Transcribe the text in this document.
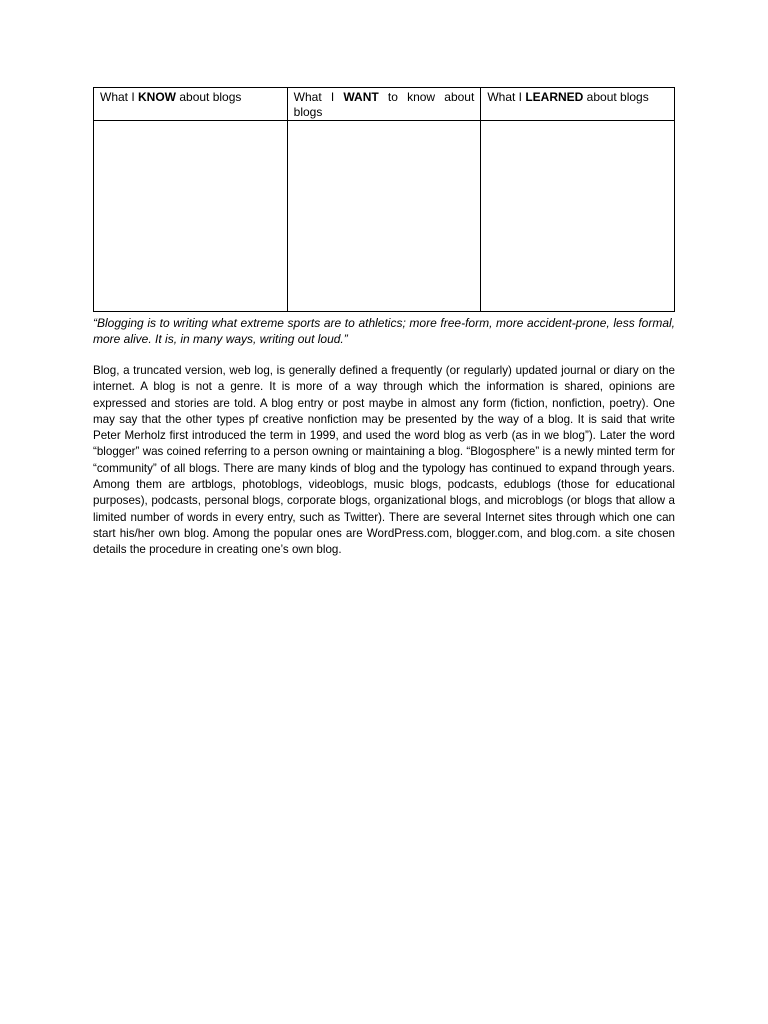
What I KNOW about blogs	What I WANT to know about blogs	What I LEARNED about blogs

“Blogging is to writing what extreme sports are to athletics; more free-form, more accident-prone, less formal, more alive. It is, in many ways, writing out loud.”

Blog, a truncated version, web log, is generally defined a frequently (or regularly) updated journal or diary on the internet. A blog is not a genre. It is more of a way through which the information is shared, opinions are expressed and stories are told. A blog entry or post maybe in almost any form (fiction, nonfiction, poetry). One may say that the other types pf creative nonfiction may be presented by the way of a blog. It is said that write Peter Merholz first introduced the term in 1999, and used the word blog as verb (as in we blog”). Later the word “blogger” was coined referring to a person owning or maintaining a blog. “Blogosphere” is a newly minted term for “community” of all blogs. There are many kinds of blog and the typology has continued to expand through years. Among them are artblogs, photoblogs, videoblogs, music blogs, podcasts, edublogs (those for educational purposes), podcasts, personal blogs, corporate blogs, organizational blogs, and microblogs (or blogs that allow a limited number of words in every entry, such as Twitter). There are several Internet sites through which one can start his/her own blog. Among the popular ones are WordPress.com, blogger.com, and blog.com. a site chosen details the procedure in creating one’s own blog.
